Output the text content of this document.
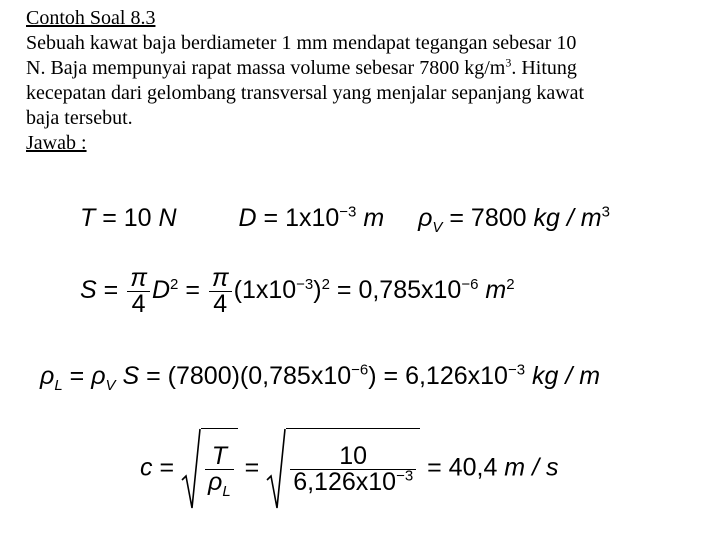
Contoh Soal 8.3

Sebuah kawat baja berdiameter 1 mm mendapat tegangan sebesar 10

N. Baja mempunyai rapat massa volume sebesar 7800 $kg/m^3$. Hitung

kecepatan dari gelombang transversal yang menjalar sepanjang kawat

baja tersebut.

Jawab :

T = 10 N $D = 1x10^{-3}$ m $\rho_V = 7800$ kg / $m^3$
$S = \frac{\pi}{4} D^2 = \frac{\pi}{4} (1x10^{-3})^2 = 0,785x10^{-6}$ $m^2$
$\rho_L = \rho_V$ $S = (7800)(0,785x10^{-6}) = 6,126x10^{-3}$ kg / m
$c = \frac{T}{\rho_L} = \frac{10}{6,126x10^{-3}} = 40,4$ m / s
